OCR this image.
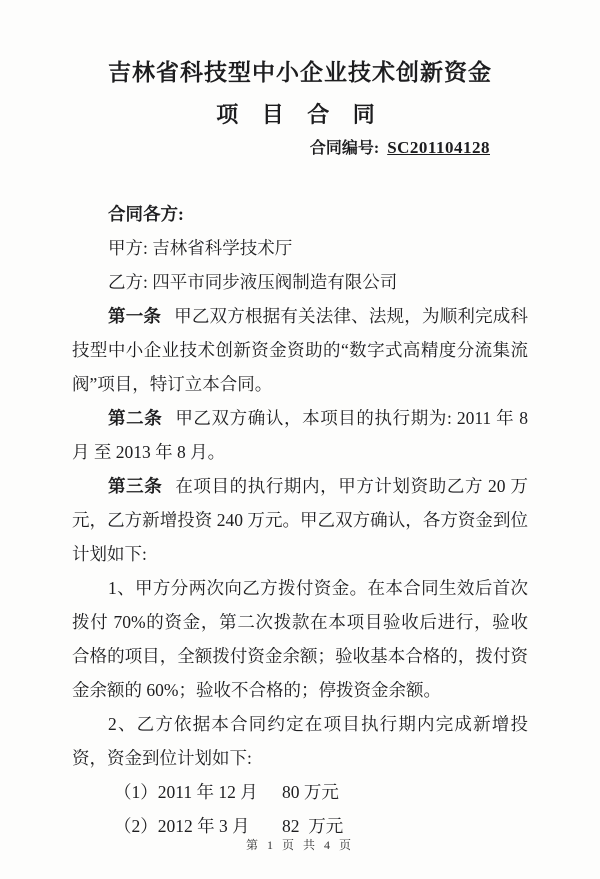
吉林省科技型中小企业技术创新资金
项 目 合 同
合同编号: SC201104128

合同各方:

甲方: 吉林省科学技术厅

乙方: 四平市同步液压阀制造有限公司

第一条 甲乙双方根据有关法律、法规，为顺利完成科技型中小企业技术创新资金资助的“数字式高精度分流集流阀”项目，特订立本合同。

第二条 甲乙双方确认，本项目的执行期为: 2011 年 8 月 至 2013 年 8 月。

第三条 在项目的执行期内，甲方计划资助乙方 20 万元，乙方新增投资 240 万元。甲乙双方确认，各方资金到位计划如下:

1、甲方分两次向乙方拨付资金。在本合同生效后首次拨付 70%的资金，第二次拨款在本项目验收后进行，验收合格的项目，全额拨付资金余额；验收基本合格的，拨付资金余额的 60%；验收不合格的；停拨资金余额。

2、乙方依据本合同约定在项目执行期内完成新增投资，资金到位计划如下:

（1）2011 年 12 月 80 万元

（2）2012 年 3 月 82  万元

第 1 页 共 4 页
